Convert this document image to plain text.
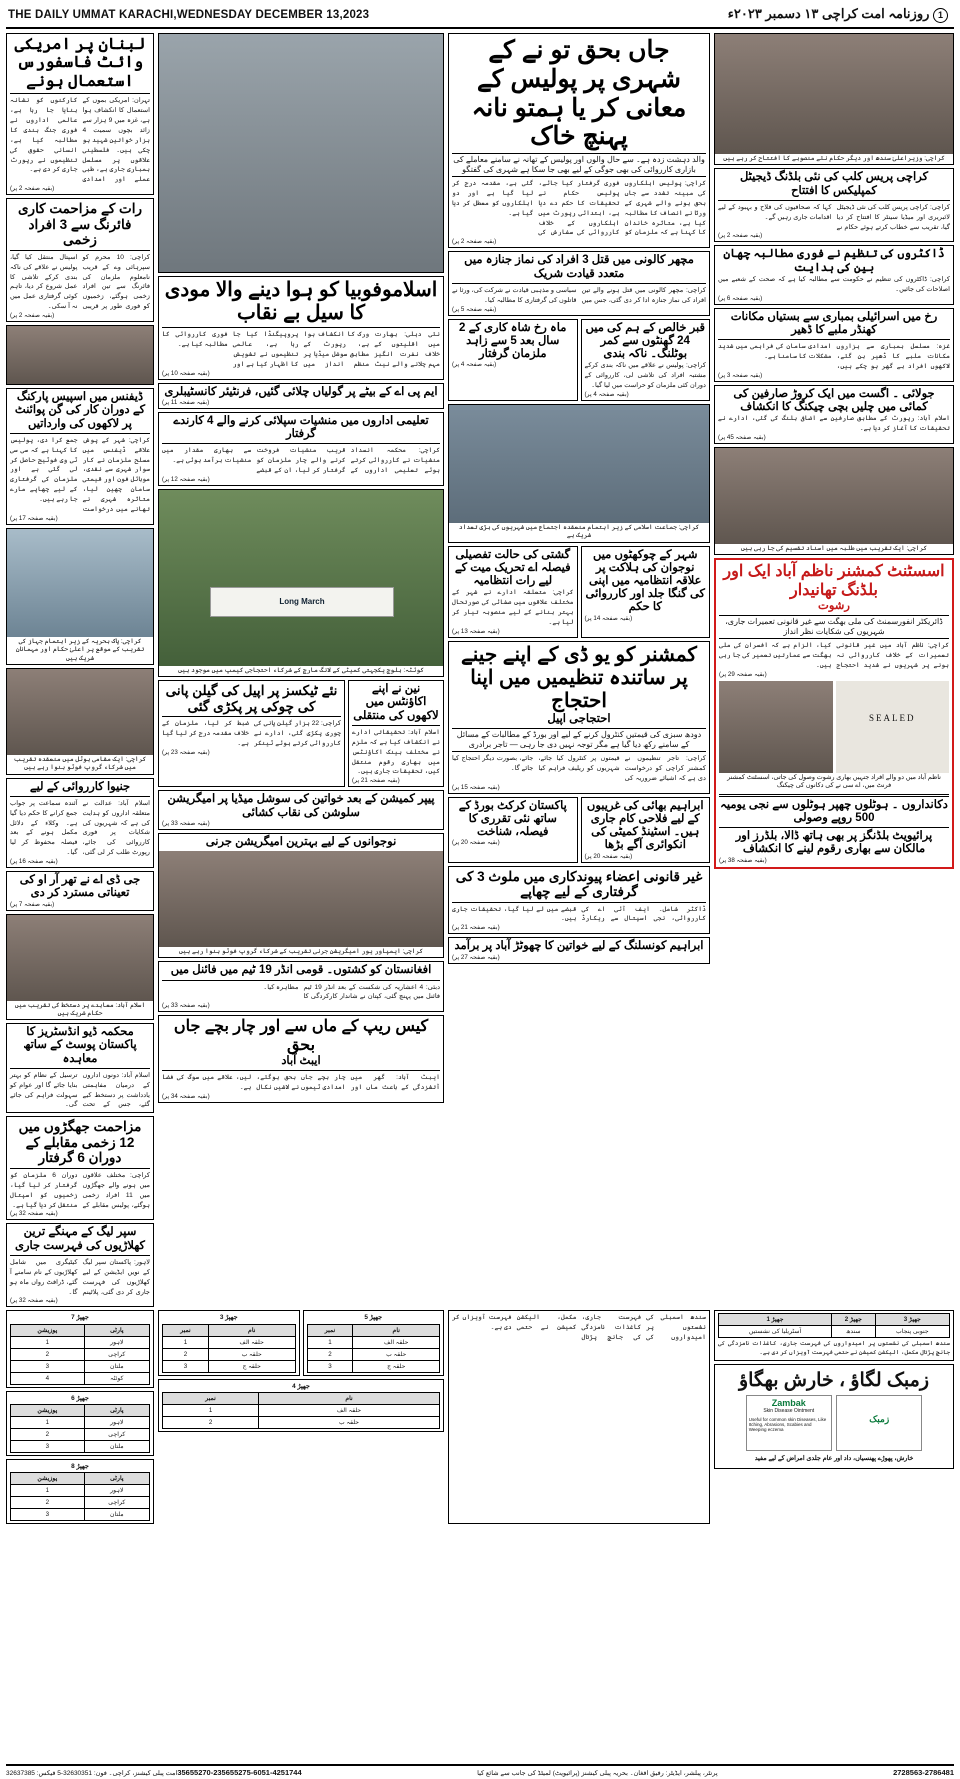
THE DAILY UMMAT KARACHI,WEDNESDAY DECEMBER 13,2023	1 روزنامہ امت کراچی ۱۳ دسمبر ۲۰۲۳ء
لبنان پر امریکی وائٹ فاسفورس استعمال ہونے
تہران: امریکی بموں کے استعمال کا انکشاف ہوا ہے، غزہ میں 9 ہزار سے زائد بچوں سمیت 4 ہزار خواتین شہید ہو چکی ہیں۔ فلسطینی علاقوں پر مسلسل بمباری جاری ہے، طبی عملے اور امدادی کارکنوں کو نشانہ بنایا جا رہا ہے، عالمی اداروں نے فوری جنگ بندی کا مطالبہ کیا ہے، انسانی حقوق کی تنظیموں نے رپورٹ جاری کر دی ہے۔
(بقیہ صفحہ 2 پر)
رات کے مزاحمت کاری فائرنگ سے 3 افراد زخمی
کراچی: 10 محرم کو سپرہائی وے کے قریب نامعلوم ملزمان کی فائرنگ سے تین افراد زخمی ہوگئے، زخمیوں کو فوری طور پر قریبی اسپتال منتقل کیا گیا، پولیس نے علاقے کی ناکہ بندی کرکے تلاشی کا عمل شروع کر دیا، تاہم کوئی گرفتاری عمل میں نہ آ سکی۔
(بقیہ صفحہ 2 پر)
ڈیفنس میں اسپیس پارکنگ کے دوران کار کی گن پوائنٹ پر لاکھوں کی وارداتیں
کراچی: شہر کے پوش علاقے ڈیفنس میں مسلح ملزمان نے کار سوار شہری سے نقدی، موبائل فون اور قیمتی سامان چھین لیا، متاثرہ شہری نے تھانے میں درخواست جمع کرا دی، پولیس کا کہنا ہے کہ سی سی ٹی وی فوٹیج حاصل کر لی گئی ہے اور ملزمان کی گرفتاری کے لیے چھاپے مارے جا رہے ہیں۔
(بقیہ صفحہ 17 پر)
کراچی: پاک بحریہ کے زیر اہتمام جہاز کی تقریب کے موقع پر اعلیٰ حکام اور مہمانان شریک ہیں
کراچی: ایک مقامی ہوٹل میں منعقدہ تقریب میں شرکاء گروپ فوٹو بنوا رہے ہیں
جنیوا کارروائی کے لیے
اسلام آباد: عدالت نے متعلقہ اداروں کو ہدایت کی ہے کہ شہریوں کی شکایات پر فوری کارروائی کی جائے، رپورٹ طلب کر لی گئی، آئندہ سماعت پر جواب جمع کرانے کا حکم دیا گیا ہے۔ وکلاء کے دلائل مکمل ہونے کے بعد فیصلہ محفوظ کر لیا گیا۔
(بقیہ صفحہ 16 پر)
جی ڈی اے نے تھر آر او کی تعیناتی مسترد کر دی
(بقیہ صفحہ 7 پر)
اسلام آباد: معاہدے پر دستخط کی تقریب میں حکام شریک ہیں
محکمہ ڈیو انڈسٹریز کا پاکستان پوسٹ کے ساتھ معاہدہ
اسلام آباد: دونوں اداروں کے درمیان مفاہمتی یادداشت پر دستخط کیے گئے، جس کے تحت ترسیل کے نظام کو بہتر بنایا جائے گا اور عوام کو سہولت فراہم کی جائے گی۔
مزاحمت جھگڑوں میں 12 زخمی مقابلے کے دوران 6 گرفتار
کراچی: مختلف علاقوں میں ہونے والے جھگڑوں میں 11 افراد زخمی ہوگئے، پولیس مقابلے کے دوران 6 ملزمان کو گرفتار کر لیا گیا، زخمیوں کو اسپتال منتقل کر دیا گیا ہے۔
(بقیہ صفحہ 32 پر)
سپر لیگ کے مہنگے ترین کھلاڑیوں کی فہرست جاری
لاہور: پاکستان سپر لیگ کے نویں ایڈیشن کے لیے کھلاڑیوں کی فہرست جاری کر دی گئی، پلاٹینم کیٹیگری میں شامل کھلاڑیوں کے نام سامنے آ گئے، ڈرافٹ رواں ماہ ہو گا۔
(بقیہ صفحہ 32 پر)
اسلاموفوبیا کو ہوا دینے والا مودی کا سیل بے نقاب
نئی دہلی: بھارت میں اقلیتوں کے خلاف نفرت انگیز مہم چلانے والے نیٹ ورک کا انکشاف ہوا ہے، رپورٹ کے مطابق سوشل میڈیا پر منظم انداز میں پروپیگنڈا کیا جا رہا ہے، عالمی تنظیموں نے تشویش کا اظہار کیا ہے اور فوری کارروائی کا مطالبہ کیا ہے۔
(بقیہ صفحہ 10 پر)
ایم پی اے کے بیٹے پر گولیاں چلائی گئیں، فرنٹیئر کانسٹیبلری
(بقیہ صفحہ 11 پر)
تعلیمی اداروں میں منشیات سپلائی کرنے والے 4 کارندے گرفتار
کراچی: محکمہ انسداد منشیات نے کارروائی کرتے ہوئے تعلیمی اداروں کے قریب منشیات فروخت کرنے والے چار ملزمان کو گرفتار کر لیا، ان کے قبضے سے بھاری مقدار میں منشیات برآمد ہوئی ہے۔
(بقیہ صفحہ 12 پر)
Long March
کوئٹہ: بلوچ یکجہتی کمیٹی کے لانگ مارچ کے شرکاء احتجاجی کیمپ میں موجود ہیں
نئے ٹیکسز پر اپیل کی گیلن پانی کی چوکی پر پکڑی گئی
کراچی: 22 ہزار گیلن پانی کی چوری پکڑی گئی، ادارے نے کارروائی کرتے ہوئے ٹینکر ضبط کر لیا، ملزمان کے خلاف مقدمہ درج کر لیا گیا ہے۔
(بقیہ صفحہ 23 پر)
نین نے اپنے اکاؤنٹس میں لاکھوں کی منتقلی
اسلام آباد: تحقیقاتی ادارے نے انکشاف کیا ہے کہ ملزم نے مختلف بینک اکاؤنٹس میں بھاری رقوم منتقل کیں، تحقیقات جاری ہیں۔
(بقیہ صفحہ 21 پر)
پیپر کمیشن کے بعد خواتین کی سوشل میڈیا پر امیگریشن سلوشن کی نقاب کشائی
(بقیہ صفحہ 33 پر)
نوجوانوں کے لیے بہترین امیگریشن جرنی
کراچی: ایمپاور یور امیگریشن جرنی تقریب کے شرکاء گروپ فوٹو بنوا رہے ہیں
افغانستان کو کشتوں۔ قومی انڈر 19 ٹیم میں فائنل میں
دبئی: 4 اعشاریہ کی شکست کے بعد انڈر 19 ٹیم فائنل میں پہنچ گئی، کپتان نے شاندار کارکردگی کا مظاہرہ کیا۔
(بقیہ صفحہ 33 پر)
کیس ریپ کے ماں سے اور چار بچے جاں بحق
ایبٹ آباد
ایبٹ آباد: گھر میں آتشزدگی کے باعث ماں اور چار بچے جاں بحق ہوگئے، امدادی ٹیموں نے لاشیں نکال لیں، علاقے میں سوگ کی فضا ہے۔
(بقیہ صفحہ 34 پر)
جاں بحق تو نے کے شہری پر پولیس کے معانی کر یا ہمتو نانہ پہنچ خاک
والد دہشت زدہ ہے۔ سے حال والوں اور پولیس کے تھانہ نے سامنے معاملے کی بازاری کارروائی کی بھی جوگی کے لیے بھی جا سکا ہے شہری کی گفتگو
کراچی: پولیس اہلکاروں کی مبینہ تشدد سے جاں بحق ہونے والے شہری کے ورثا نے انصاف کا مطالبہ کیا ہے، متاثرہ خاندان کا کہنا ہے کہ ملزمان کو فوری گرفتار کیا جائے، پولیس حکام نے تحقیقات کا حکم دے دیا ہے، ابتدائی رپورٹ میں اہلکاروں کے خلاف کارروائی کی سفارش کی گئی ہے، مقدمہ درج کر لیا گیا ہے اور دو اہلکاروں کو معطل کر دیا گیا ہے۔
(بقیہ صفحہ 2 پر)
مچھر کالونی میں قتل 3 افراد کی نماز جنازہ میں متعدد قیادت شریک
کراچی: مچھر کالونی میں قتل ہونے والے تین افراد کی نماز جنازہ ادا کر دی گئی، جس میں سیاسی و مذہبی قیادت نے شرکت کی، ورثا نے قاتلوں کی گرفتاری کا مطالبہ کیا۔
(بقیہ صفحہ 5 پر)
ماہ رخ شاہ کاری کے 2 سال بعد 5 سے زاہد ملزمان گرفتار
(بقیہ صفحہ 4 پر)
قبر خالص کے ہم کی میں 24 گھنٹوں سے کمر بوٹلنگ۔ ناکہ بندی
کراچی: پولیس نے علاقے میں ناکہ بندی کرکے مشتبہ افراد کی تلاشی لی، کارروائی کے دوران کئی ملزمان کو حراست میں لیا گیا۔
(بقیہ صفحہ 4 پر)
کراچی: جماعت اسلامی کے زیر اہتمام منعقدہ اجتماع میں شہریوں کی بڑی تعداد شریک ہے
گشتی کی حالت تفصیلی فیصلہ اے تحریک میت کے لیے رات انتظامیہ
کراچی: متعلقہ ادارے نے شہر کے مختلف علاقوں میں صفائی کی صورتحال بہتر بنانے کے لیے منصوبہ تیار کر لیا ہے۔
(بقیہ صفحہ 13 پر)
شہر کے چوکھٹوں میں نوجوان کی ہلاکت پر علاقہ انتظامیہ میں اپنی کی گنگا جلد اور کارروائی کا حکم
(بقیہ صفحہ 14 پر)
کمشنر کو یو ڈی کے اپنے جینے پر ساتندہ تنظیمیں میں اپنا احتجاج
احتجاجی اپیل
دودھ سبزی کی قیمتیں کنٹرول کرنے کے لیے اور بورڈ کے مطالبات کے مسائل کے سامنے رکھ دیا گیا ہے مگر توجہ نہیں دی جا رہی — تاجر برادری
کراچی: تاجر تنظیموں نے کمشنر کراچی کو درخواست دی ہے کہ اشیائے ضروریہ کی قیمتوں پر کنٹرول کیا جائے، شہریوں کو ریلیف فراہم کیا جائے، بصورت دیگر احتجاج کیا جائے گا۔
(بقیہ صفحہ 15 پر)
پاکستان کرکٹ بورڈ کے ساتھ نئی تقرری کا فیصلہ، شناخت
(بقیہ صفحہ 20 پر)
ابراہیم بھائی کی غریبوں کے لیے فلاحی کام جاری ہیں۔ اسٹینڈ کمیٹی کی انکوائری آگے بڑھا
(بقیہ صفحہ 20 پر)
غیر قانونی اعضاء پیوندکاری میں ملوث 3 کی گرفتاری کے لیے چھاپے
ڈاکٹر شامل۔ ایف آئی اے کی کارروائی، نجی اسپتال سے ریکارڈ قبضے میں لے لیا گیا، تحقیقات جاری ہیں۔
(بقیہ صفحہ 21 پر)
ابراہیم کونسلنگ کے لیے خواتین کا چھوٹڑ آباد پر برآمد
(بقیہ صفحہ 27 پر)
کراچی: وزیراعلیٰ سندھ اور دیگر حکام نئے منصوبے کا افتتاح کر رہے ہیں
کراچی پریس کلب کی نئی بلڈنگ ڈیجیٹل کمپلیکس کا افتتاح
کراچی: کراچی پریس کلب کی نئی ڈیجیٹل لائبریری اور میڈیا سینٹر کا افتتاح کر دیا گیا، تقریب سے خطاب کرتے ہوئے حکام نے کہا کہ صحافیوں کی فلاح و بہبود کے لیے اقدامات جاری رہیں گے۔
(بقیہ صفحہ 2 پر)
ڈاکٹروں کی تنظیم نے فوری مطالبہ چھان بین کی ہدایت
کراچی: ڈاکٹروں کی تنظیم نے حکومت سے مطالبہ کیا ہے کہ صحت کے شعبے میں اصلاحات کی جائیں۔
(بقیہ صفحہ 6 پر)
رخ میں اسرائیلی بمباری سے بستیاں مکانات کھنڈر ملبے کا ڈھیر
غزہ: مسلسل بمباری سے ہزاروں مکانات ملبے کا ڈھیر بن گئے، لاکھوں افراد بے گھر ہو چکے ہیں، امدادی سامان کی فراہمی میں شدید مشکلات کا سامنا ہے۔
(بقیہ صفحہ 3 پر)
جولائی ۔ اگست میں ایک کروڑ صارفین کی کمائی میں چلیں بچی چیکنگ کا انکشاف
اسلام آباد: رپورٹ کے مطابق صارفین سے اضافی بلنگ کی گئی، ادارے نے تحقیقات کا آغاز کر دیا ہے۔
(بقیہ صفحہ 45 پر)
کراچی: ایک تقریب میں طلبہ میں اسناد تقسیم کی جا رہی ہیں
اسسٹنٹ کمشنر ناظم آباد ایک اور بلڈنگ تھانیدار
رشوت
ڈائریکٹر انفورسمنٹ کی ملی بھگت سے غیر قانونی تعمیرات جاری، شہریوں کی شکایات نظر انداز
کراچی: ناظم آباد میں غیر قانونی تعمیرات کے خلاف کارروائی نہ ہونے پر شہریوں نے شدید احتجاج کیا، الزام ہے کہ افسران کی ملی بھگت سے عمارتیں تعمیر کی جا رہی ہیں۔
(بقیہ صفحہ 29 پر)
SEALED
ناظم آباد میں دو والے افراد جنہیں بھاری رشوت وصول کی جاتی، اسسٹنٹ کمشنر فرنٹ میں، اے سی نے کی دکانوں کی چیکنگ
دکانداروں ۔ ہوٹلوں چھپر ہوٹلوں سے نجی یومیہ 500 روپے وصولی
پرائیویٹ بلڈنگز پر بھی ہاتھ ڈالا، بلڈرز اور مالکان سے بھاری رقوم لینے کا انکشاف
(بقیہ صفحہ 38 پر)
جھپڑ 7
پارٹی	پوزیشن
لاہور	1
کراچی	2
ملتان	3
کوئٹہ	4
جھپڑ 6
پارٹی	پوزیشن
لاہور	1
کراچی	2
ملتان	3
جھپڑ 8
پارٹی	پوزیشن
لاہور	1
کراچی	2
ملتان	3
جھپڑ 3
نام	نمبر
حلقہ الف	1
حلقہ ب	2
حلقہ ج	3
جھپڑ 5
نام	نمبر
حلقہ الف	1
حلقہ ب	2
حلقہ ج	3
جھپڑ 4
نام	نمبر
حلقہ الف	1
حلقہ ب	2
سندھ اسمبلی کی نشستوں پر امیدواروں کی فہرست جاری، کاغذات نامزدگی کی جانچ پڑتال مکمل، الیکشن کمیشن نے حتمی فہرست آویزاں کر دی ہے۔
جھپڑ 3	جھپڑ 2	جھپڑ 1
جنوبی پنجاب	سندھ	آسٹریلیا کی نشستیں
سندھ اسمبلی کی نشستوں پر امیدواروں کی فہرست جاری، کاغذات نامزدگی کی جانچ پڑتال مکمل، الیکشن کمیشن نے حتمی فہرست آویزاں کر دی ہے۔
زمبک لگاؤ ، خارش بھگاؤ
Zambak
Skin Disease Ointment
Useful for common skin Diseases, Like Itching, Abrasions, Scabies and Weeping eczema

زمبک
خارش، پھوڑے پھنسیاں، داد اور عام جلدی امراض کے لیے مفید
2728563-2786481
پرنٹر، پبلشر، ایڈیٹر: رفیق افغان۔ بحریہ پبلی کیشنز (پرائیویٹ) لمیٹڈ کی جانب سے شائع کیا
051-4251744
35655275-6
35655270-2
امت پبلی کیشنز، کراچی۔ فون: 32630351-5 فیکس: 32637385
